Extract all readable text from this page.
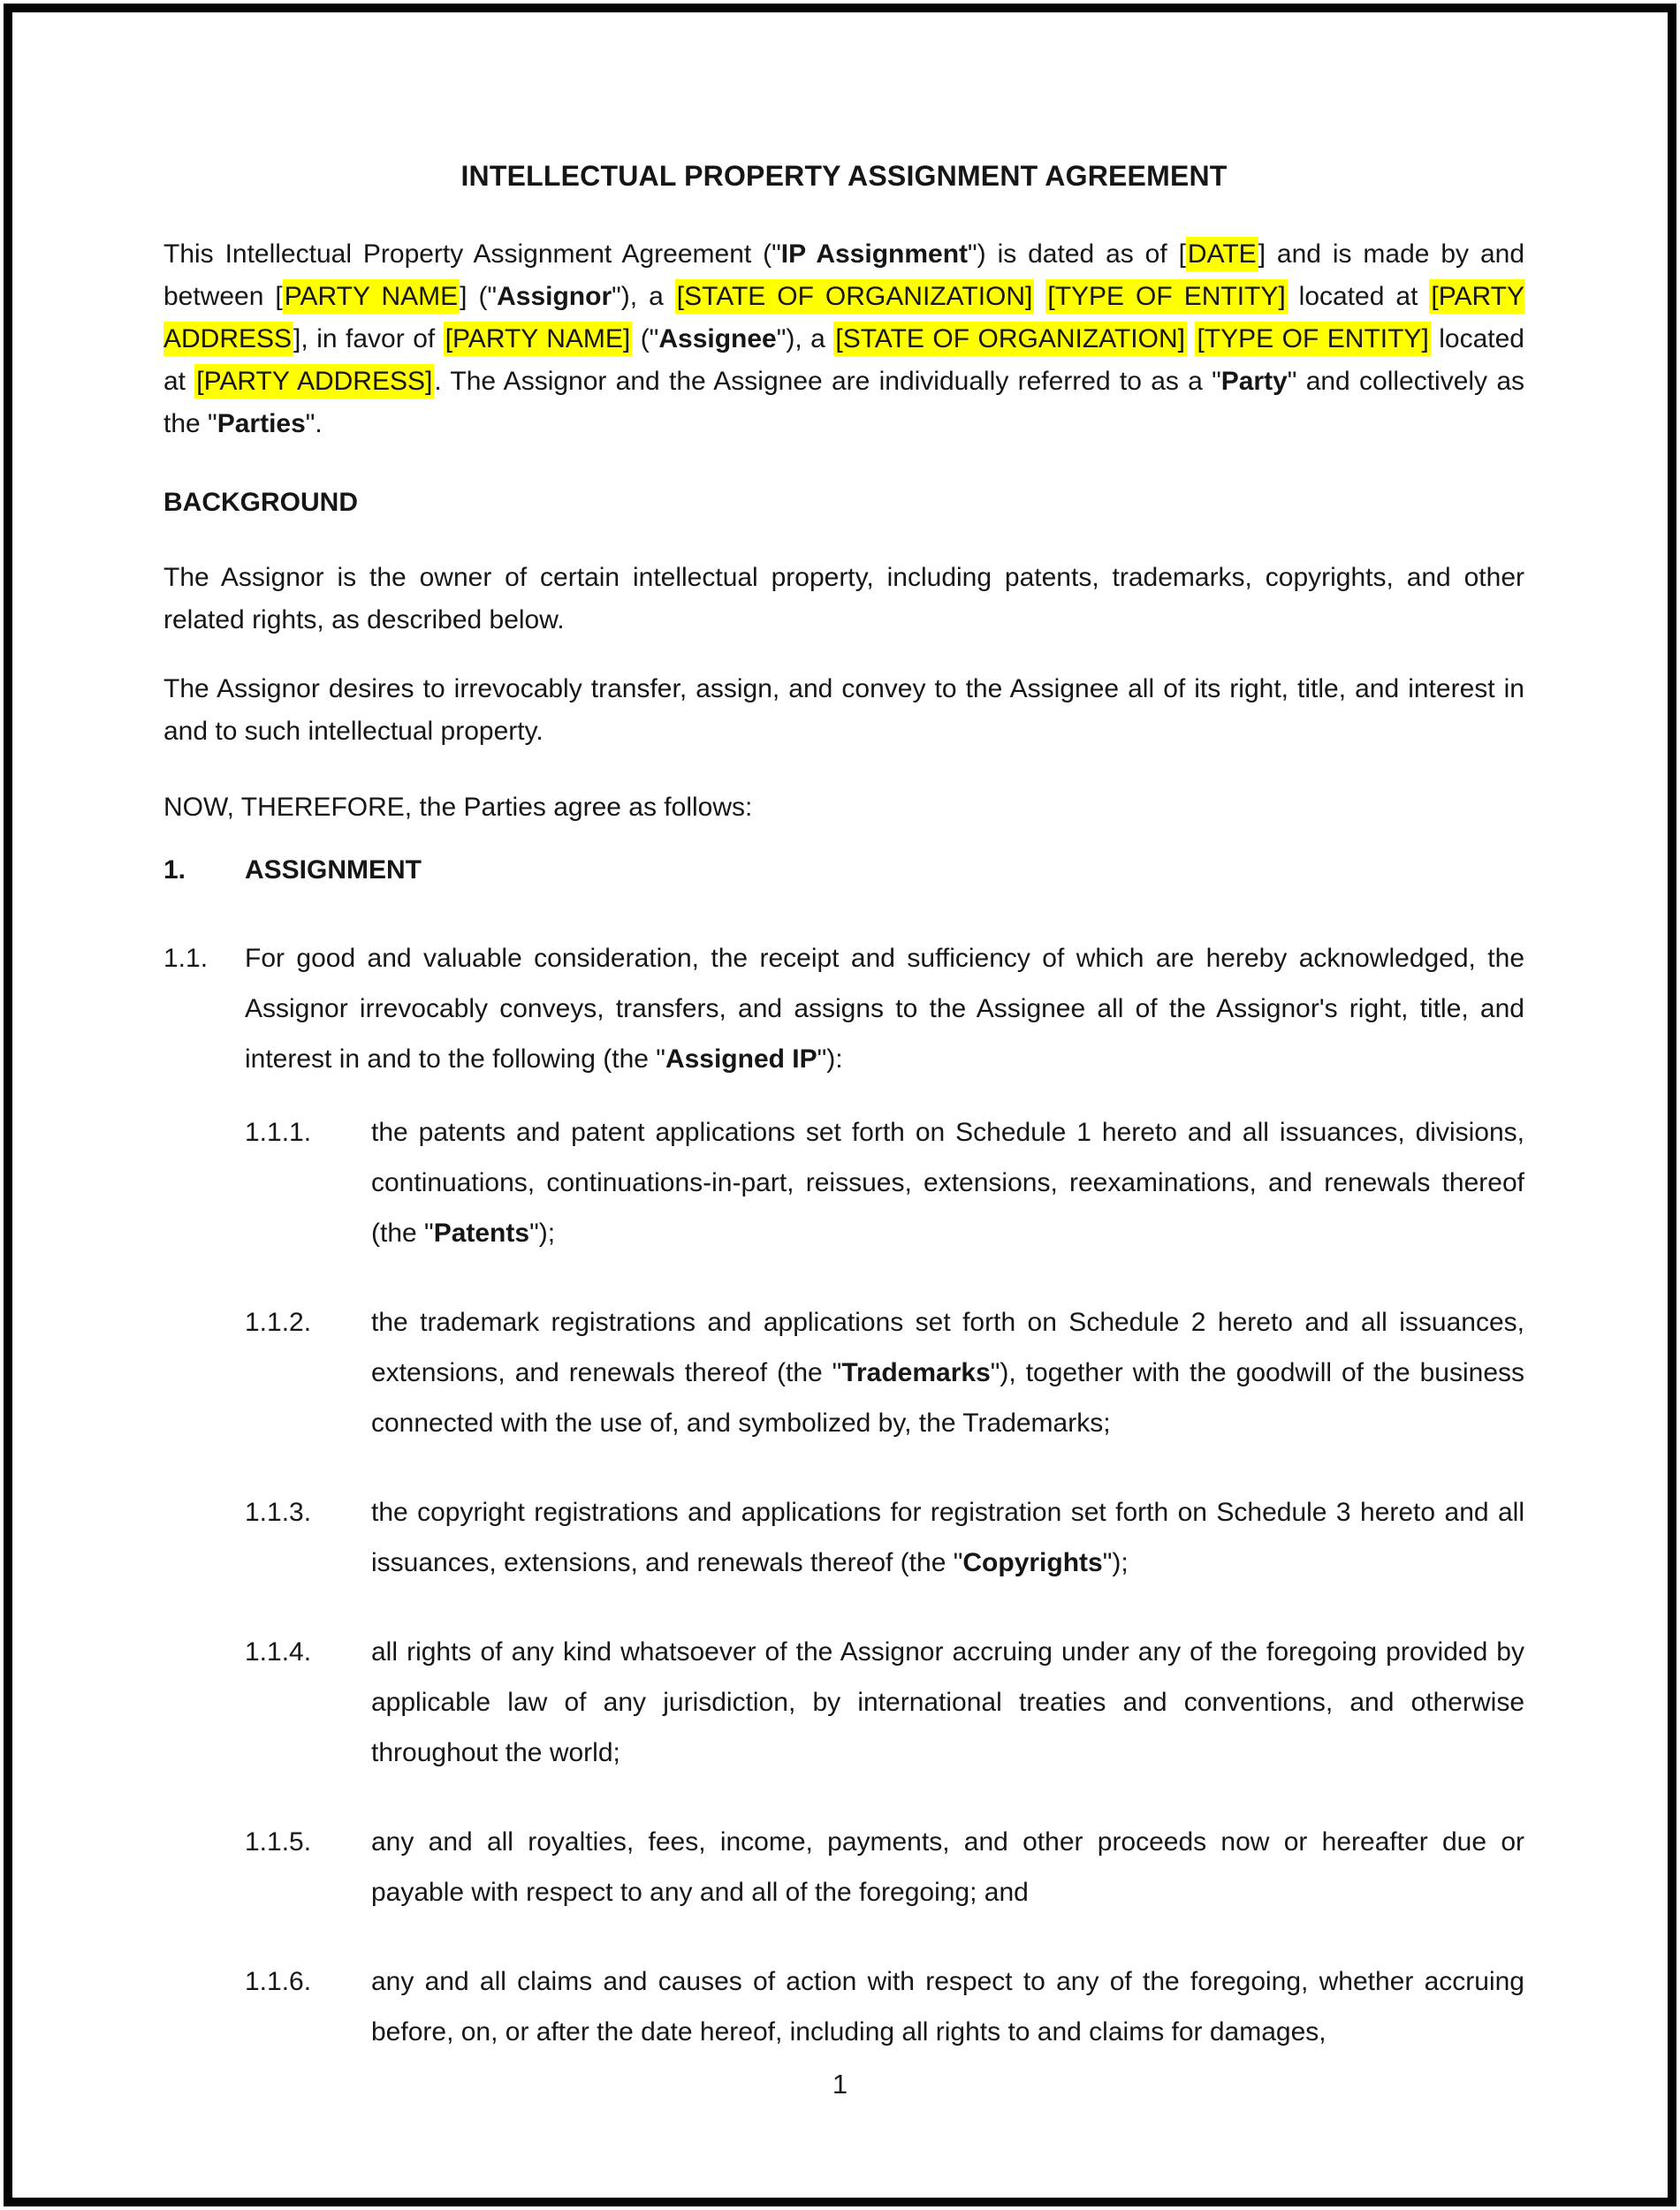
INTELLECTUAL PROPERTY ASSIGNMENT AGREEMENT

This Intellectual Property Assignment Agreement ("IP Assignment") is dated as of [DATE] and is made by and between [PARTY NAME] ("Assignor"), a [STATE OF ORGANIZATION] [TYPE OF ENTITY] located at [PARTY ADDRESS], in favor of [PARTY NAME] ("Assignee"), a [STATE OF ORGANIZATION] [TYPE OF ENTITY] located at [PARTY ADDRESS]. The Assignor and the Assignee are individually referred to as a "Party" and collectively as the "Parties".

BACKGROUND

The Assignor is the owner of certain intellectual property, including patents, trademarks, copyrights, and other related rights, as described below.

The Assignor desires to irrevocably transfer, assign, and convey to the Assignee all of its right, title, and interest in and to such intellectual property.

NOW, THEREFORE, the Parties agree as follows:

1. ASSIGNMENT
1.1. For good and valuable consideration, the receipt and sufficiency of which are hereby acknowledged, the Assignor irrevocably conveys, transfers, and assigns to the Assignee all of the Assignor's right, title, and interest in and to the following (the "Assigned IP"):
1.1.1. the patents and patent applications set forth on Schedule 1 hereto and all issuances, divisions, continuations, continuations-in-part, reissues, extensions, reexaminations, and renewals thereof (the "Patents");
1.1.2. the trademark registrations and applications set forth on Schedule 2 hereto and all issuances, extensions, and renewals thereof (the "Trademarks"), together with the goodwill of the business connected with the use of, and symbolized by, the Trademarks;
1.1.3. the copyright registrations and applications for registration set forth on Schedule 3 hereto and all issuances, extensions, and renewals thereof (the "Copyrights");
1.1.4. all rights of any kind whatsoever of the Assignor accruing under any of the foregoing provided by applicable law of any jurisdiction, by international treaties and conventions, and otherwise throughout the world;
1.1.5. any and all royalties, fees, income, payments, and other proceeds now or hereafter due or payable with respect to any and all of the foregoing; and
1.1.6. any and all claims and causes of action with respect to any of the foregoing, whether accruing before, on, or after the date hereof, including all rights to and claims for damages,
1
